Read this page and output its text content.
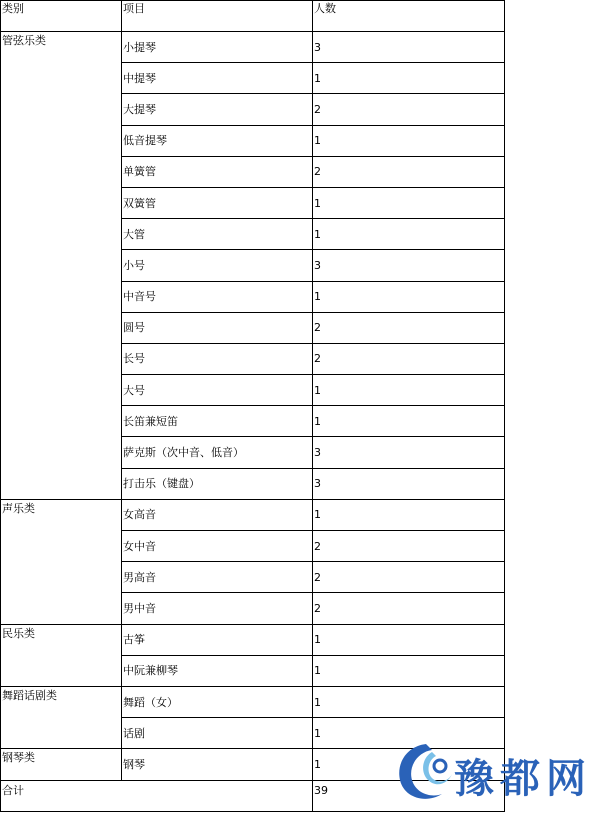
类别	项目	人数
管弦乐类	小提琴	3
	中提琴	1
	大提琴	2
	低音提琴	1
	单簧管	2
	双簧管	1
	大管	1
	小号	3
	中音号	1
	圆号	2
	长号	2
	大号	1
	长笛兼短笛	1
	萨克斯（次中音、低音）	3
	打击乐（键盘）	3
声乐类	女高音	1
	女中音	2
	男高音	2
	男中音	2
民乐类	古筝	1
	中阮兼柳琴	1
舞蹈话剧类	舞蹈（女）	1
	话剧	1
钢琴类	钢琴	1
合计		39	豫都网
